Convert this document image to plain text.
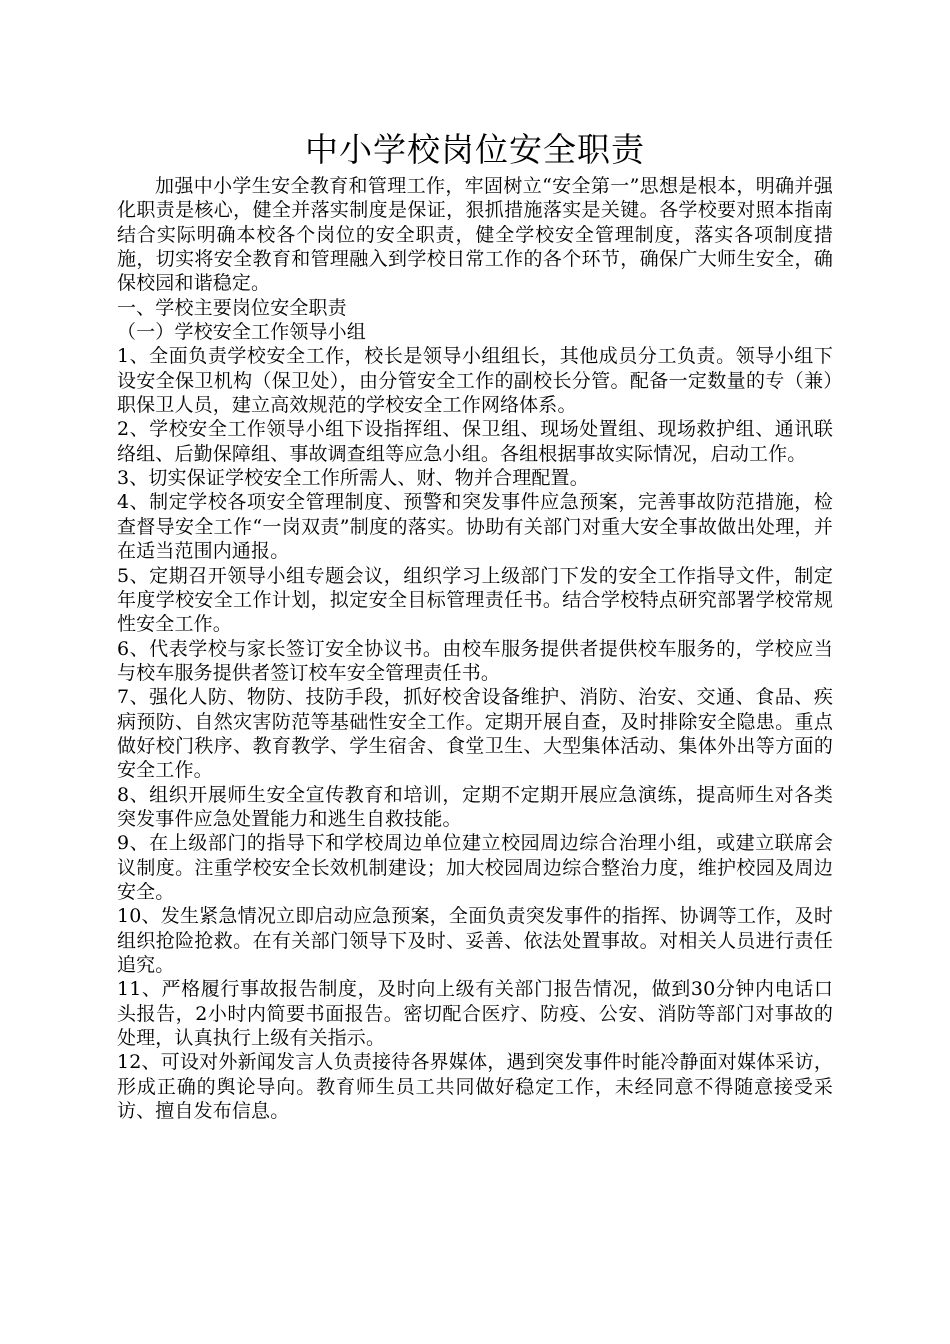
中小学校岗位安全职责

加强中小学生安全教育和管理工作，牢固树立“安全第一”思想是根本，明确并强化职责是核心，健全并落实制度是保证，狠抓措施落实是关键。各学校要对照本指南结合实际明确本校各个岗位的安全职责，健全学校安全管理制度，落实各项制度措施，切实将安全教育和管理融入到学校日常工作的各个环节，确保广大师生安全，确保校园和谐稳定。

一、学校主要岗位安全职责

（一）学校安全工作领导小组

1、全面负责学校安全工作，校长是领导小组组长，其他成员分工负责。领导小组下设安全保卫机构（保卫处），由分管安全工作的副校长分管。配备一定数量的专（兼）职保卫人员，建立高效规范的学校安全工作网络体系。

2、学校安全工作领导小组下设指挥组、保卫组、现场处置组、现场救护组、通讯联络组、后勤保障组、事故调查组等应急小组。各组根据事故实际情况，启动工作。

3、切实保证学校安全工作所需人、财、物并合理配置。

4、制定学校各项安全管理制度、预警和突发事件应急预案，完善事故防范措施，检查督导安全工作“一岗双责”制度的落实。协助有关部门对重大安全事故做出处理，并在适当范围内通报。

5、定期召开领导小组专题会议，组织学习上级部门下发的安全工作指导文件，制定年度学校安全工作计划，拟定安全目标管理责任书。结合学校特点研究部署学校常规性安全工作。

6、代表学校与家长签订安全协议书。由校车服务提供者提供校车服务的，学校应当与校车服务提供者签订校车安全管理责任书。

7、强化人防、物防、技防手段，抓好校舍设备维护、消防、治安、交通、食品、疾病预防、自然灾害防范等基础性安全工作。定期开展自查，及时排除安全隐患。重点做好校门秩序、教育教学、学生宿舍、食堂卫生、大型集体活动、集体外出等方面的安全工作。

8、组织开展师生安全宣传教育和培训，定期不定期开展应急演练，提高师生对各类突发事件应急处置能力和逃生自救技能。

9、在上级部门的指导下和学校周边单位建立校园周边综合治理小组，或建立联席会议制度。注重学校安全长效机制建设；加大校园周边综合整治力度，维护校园及周边安全。

10、发生紧急情况立即启动应急预案，全面负责突发事件的指挥、协调等工作，及时组织抢险抢救。在有关部门领导下及时、妥善、依法处置事故。对相关人员进行责任追究。

11、严格履行事故报告制度，及时向上级有关部门报告情况，做到30分钟内电话口头报告，2小时内简要书面报告。密切配合医疗、防疫、公安、消防等部门对事故的处理，认真执行上级有关指示。

12、可设对外新闻发言人负责接待各界媒体，遇到突发事件时能冷静面对媒体采访，形成正确的舆论导向。教育师生员工共同做好稳定工作，未经同意不得随意接受采访、擅自发布信息。
